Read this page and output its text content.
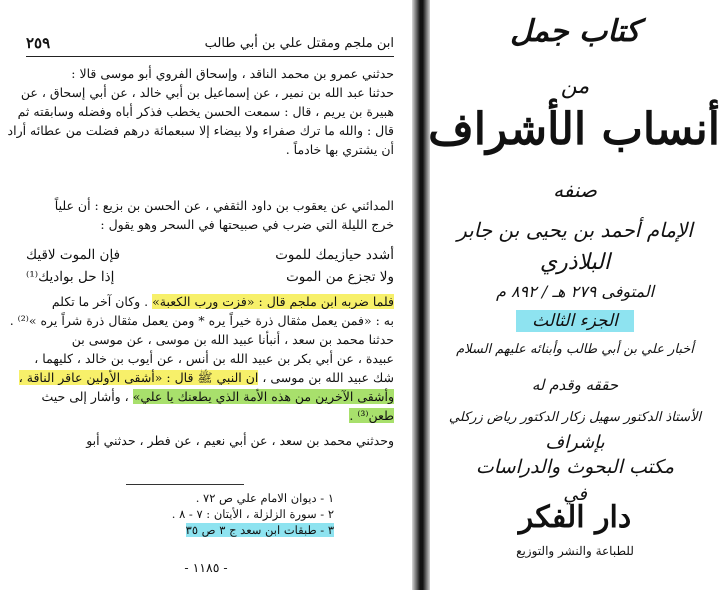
٢٥٩	ابن ملجم ومقتل علي بن أبي طالب

حدثني عمرو بن محمد الناقد ، وإسحاق الفروي أبو موسى قالا :

حدثنا عبد الله بن نمير ، عن إسماعيل بن أبي خالد ، عن أبي إسحاق ، عن

هبيرة بن يريم ، قال : سمعت الحسن يخطب فذكر أباه وفضله وسابقته ثم

قال : والله ما ترك صفراء ولا بيضاء إلا سبعمائة درهم فضلت من عطائه أراد

أن يشتري بها خادماً .

المدائني عن يعقوب بن داود الثقفي ، عن الحسن بن بزيع : أن علياً

خرج الليلة التي ضرب في صبيحتها في السحر وهو يقول :

أشدد حيازيمك للموت
فإن الموت لاقيك
ولا تجزع من الموت
إذا حل بواديك⁽¹⁾

فلما ضربه ابن ملجم قال : «فزت ورب الكعبة» . وكان آخر ما تكلم

به : «فمن يعمل مثقال ذرة خيراً يره * ومن يعمل مثقال ذرة شراً يره »⁽²⁾ .

حدثنا محمد بن سعد ، أنبأنا عبيد الله بن موسى ، عن موسى بن

عبيدة ، عن أبي بكر بن عبيد الله بن أنس ، عن أيوب بن خالد ، كليهما ،

شك عبيد الله بن موسى ، ان النبي ﷺ قال : «أشقى الأولين عاقر الناقة ،

وأشقى الآخرين من هذه الأمة الذي يطعنك يا علي» ، وأشار إلى حيث

طعن⁽³⁾ .

وحدثني محمد بن سعد ، عن أبي نعيم ، عن فطر ، حدثني أبو

١ - ديوان الامام علي ص ٧٢ .
٢ - سورة الزلزلة ، الأيتان : ٧ - ٨ .
٣ - طبقات ابن سعد ج ٣ ص ٣٥
- ١١٨٥ -
كتاب جمل
من
أنساب الأشراف
صنفه
الإمام أحمد بن يحيى بن جابر
البلاذري
المتوفى ٢٧٩ هـ / ٨٩٢ م
الجزء الثالث
أخبار علي بن أبي طالب وأبنائه عليهم السلام
حققه وقدم له
الأستاذ الدكتور سهيل زكار الدكتور رياض زركلي
بإشراف
مكتب البحوث والدراسات
في
دار الفكر
للطباعة والنشر والتوزيع
